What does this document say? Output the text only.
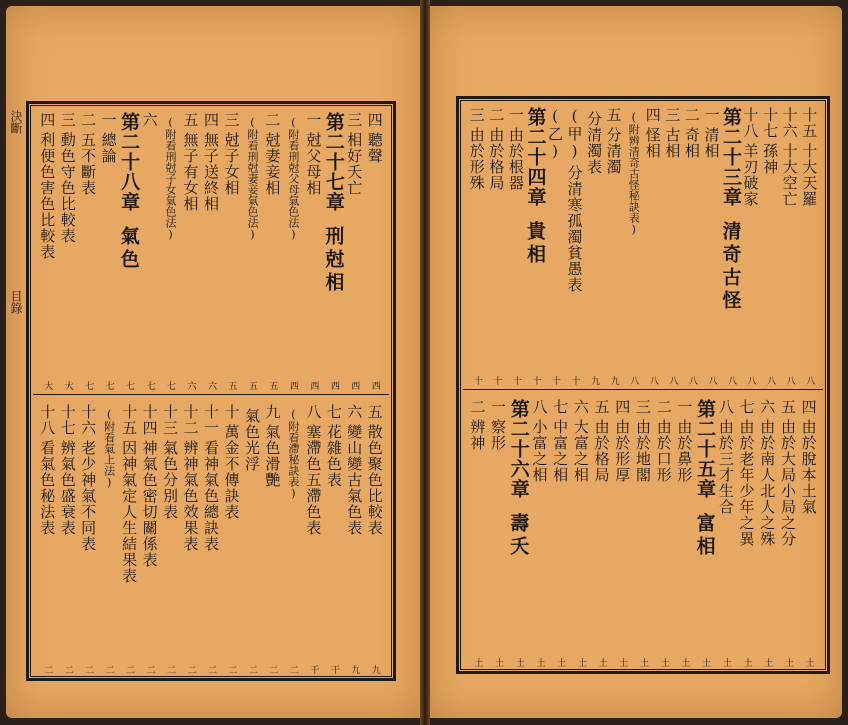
決斷
目錄
四
聽聲
西
三
相好夭亡
西
第二十七章
刑尅相
西
一
尅父母相
西
(附看刑尅父母氣色法)
西
二
尅妻妾相
五
(附看刑尅妻妾氣色法)
五
三
尅子女相
五
四
無子送終相
六
五
無子有女相
六
(附看刑尅子女氣色法)
七
六
七
第二十八章
氣色
七
一
總論
七
二
五不斷表
七
三
動色守色比較表
大
四
利便色害色比較表
大
五
散色聚色比較表
九
六
變山變古氣色表
九
七
花雜色表
干
八
塞滯色五滯色表
干
(附看滯秘訣表)
二
九
氣色滑艷
二
氣色光浮
二
十
萬金不傳訣表
二
十一
看神氣色總訣表
二
十二
辨神氣色效果表
二
十三
氣色分別表
二
十四
神氣色密切關係表
二
十五
因神氣定人生結果表
二
(附看氣上法)
二
十六
老少神氣不同表
二
十七
辨氣色盛衰表
二
十八
看氣色秘法表
二
十五
十大天羅
八
十六
十大空亡
八
十七
孫神
八
十八
羊刃破家
八
第二十三章
清奇古怪
八
一
清相
八
二
奇相
八
三
古相
八
四
怪相
八
(附辨清奇古怪秘訣表)
八
五
分清濁
九
分清濁表
九
(甲)
分清寒孤濁貧愚表
十
(乙)
十
第二十四章
貴相
十
一
由於根器
十
二
由於格局
十
三
由於形殊
十
四
由於脫本土氣
土
五
由於大局小局之分
土
六
由於南人北人之殊
土
七
由於老年少年之異
土
八
由於三才生合
土
第二十五章
富相
土
一
由於鼻形
土
二
由於口形
土
三
由於地閣
土
四
由於形厚
土
五
由於格局
土
六
大富之相
土
七
中富之相
土
八
小富之相
土
第二十六章
壽夭
土
一
察形
土
二
辨神
土
